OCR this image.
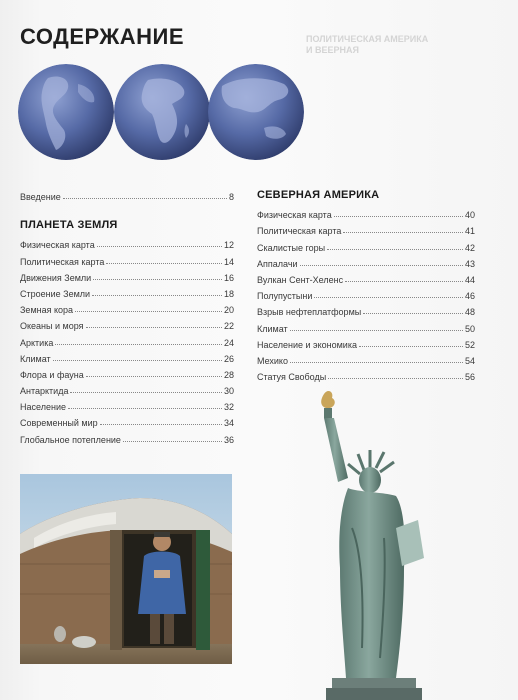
СОДЕРЖАНИЕ	ПОЛИТИЧЕСКАЯ АМЕРИКА
И ВЕЕРНАЯ
Введение	8
ПЛАНЕТА ЗЕМЛЯ
Физическая карта	12
Политическая карта	14
Движения Земли	16
Строение Земли	18
Земная кора	20
Океаны и моря	22
Арктика	24
Климат	26
Флора и фауна	28
Антарктида	30
Население	32
Современный мир	34
Глобальное потепление	36
СЕВЕРНАЯ АМЕРИКА
Физическая карта	40
Политическая карта	41
Скалистые горы	42
Аппалачи	43
Вулкан Сент-Хеленс	44
Полупустыни	46
Взрыв нефтеплатформы	48
Климат	50
Население и экономика	52
Мехико	54
Статуя Свободы	56
